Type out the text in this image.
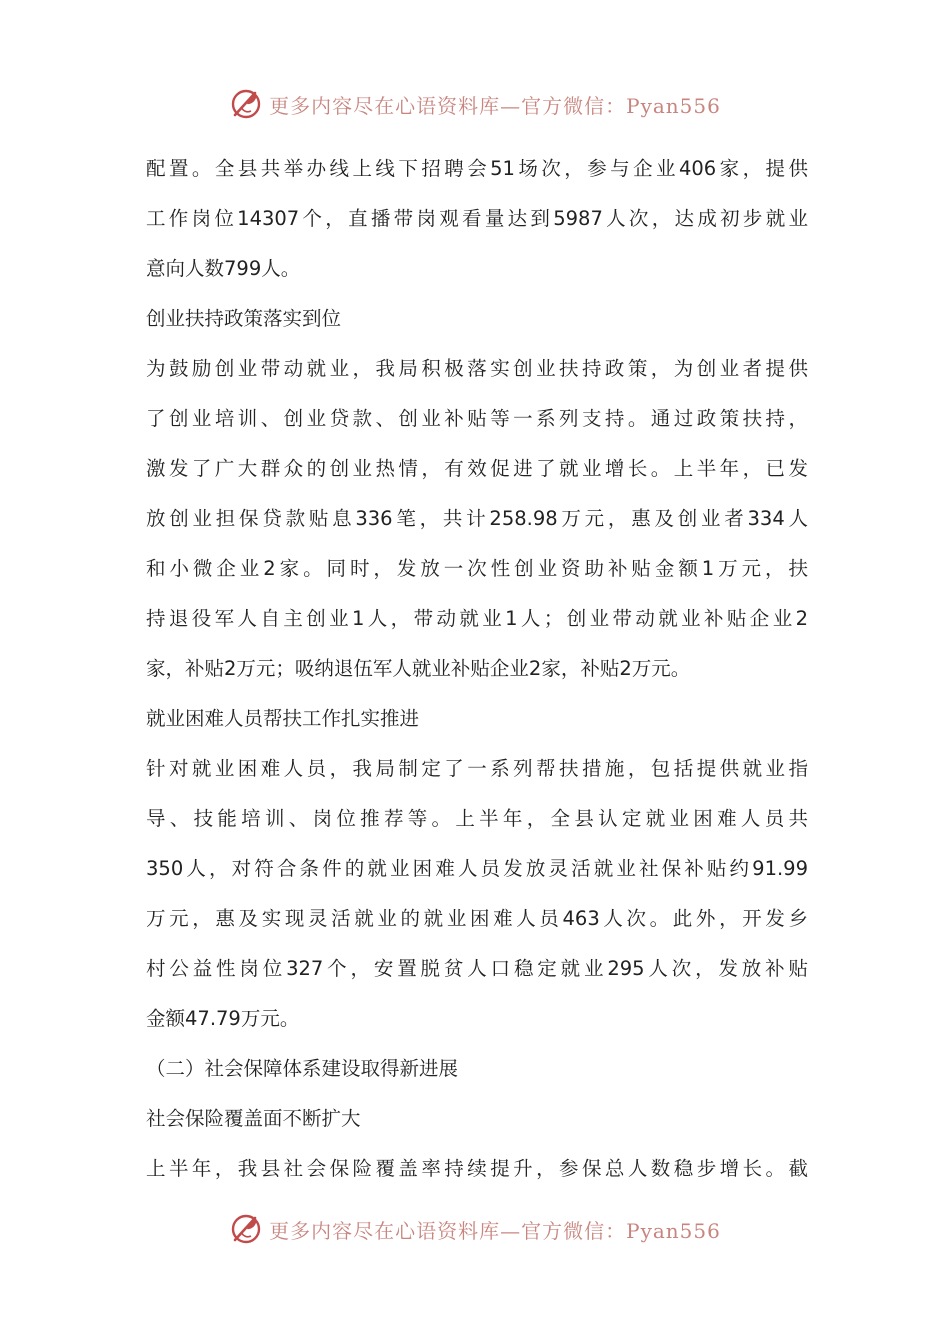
更多内容尽在心语资料库—官方微信：Pyan556
配置。全县共举办线上线下招聘会51场次，参与企业406家，提供
工作岗位14307个，直播带岗观看量达到5987人次，达成初步就业
意向人数799人。
创业扶持政策落实到位
为鼓励创业带动就业，我局积极落实创业扶持政策，为创业者提供
了创业培训、创业贷款、创业补贴等一系列支持。通过政策扶持，
激发了广大群众的创业热情，有效促进了就业增长。上半年，已发
放创业担保贷款贴息336笔，共计258.98万元，惠及创业者334人
和小微企业2家。同时，发放一次性创业资助补贴金额1万元，扶
持退役军人自主创业1人，带动就业1人；创业带动就业补贴企业2
家，补贴2万元；吸纳退伍军人就业补贴企业2家，补贴2万元。
就业困难人员帮扶工作扎实推进
针对就业困难人员，我局制定了一系列帮扶措施，包括提供就业指
导、技能培训、岗位推荐等。上半年，全县认定就业困难人员共
350人，对符合条件的就业困难人员发放灵活就业社保补贴约91.99
万元，惠及实现灵活就业的就业困难人员463人次。此外，开发乡
村公益性岗位327个，安置脱贫人口稳定就业295人次，发放补贴
金额47.79万元。
（二）社会保障体系建设取得新进展
社会保险覆盖面不断扩大
上半年，我县社会保险覆盖率持续提升，参保总人数稳步增长。截
更多内容尽在心语资料库—官方微信：Pyan556
